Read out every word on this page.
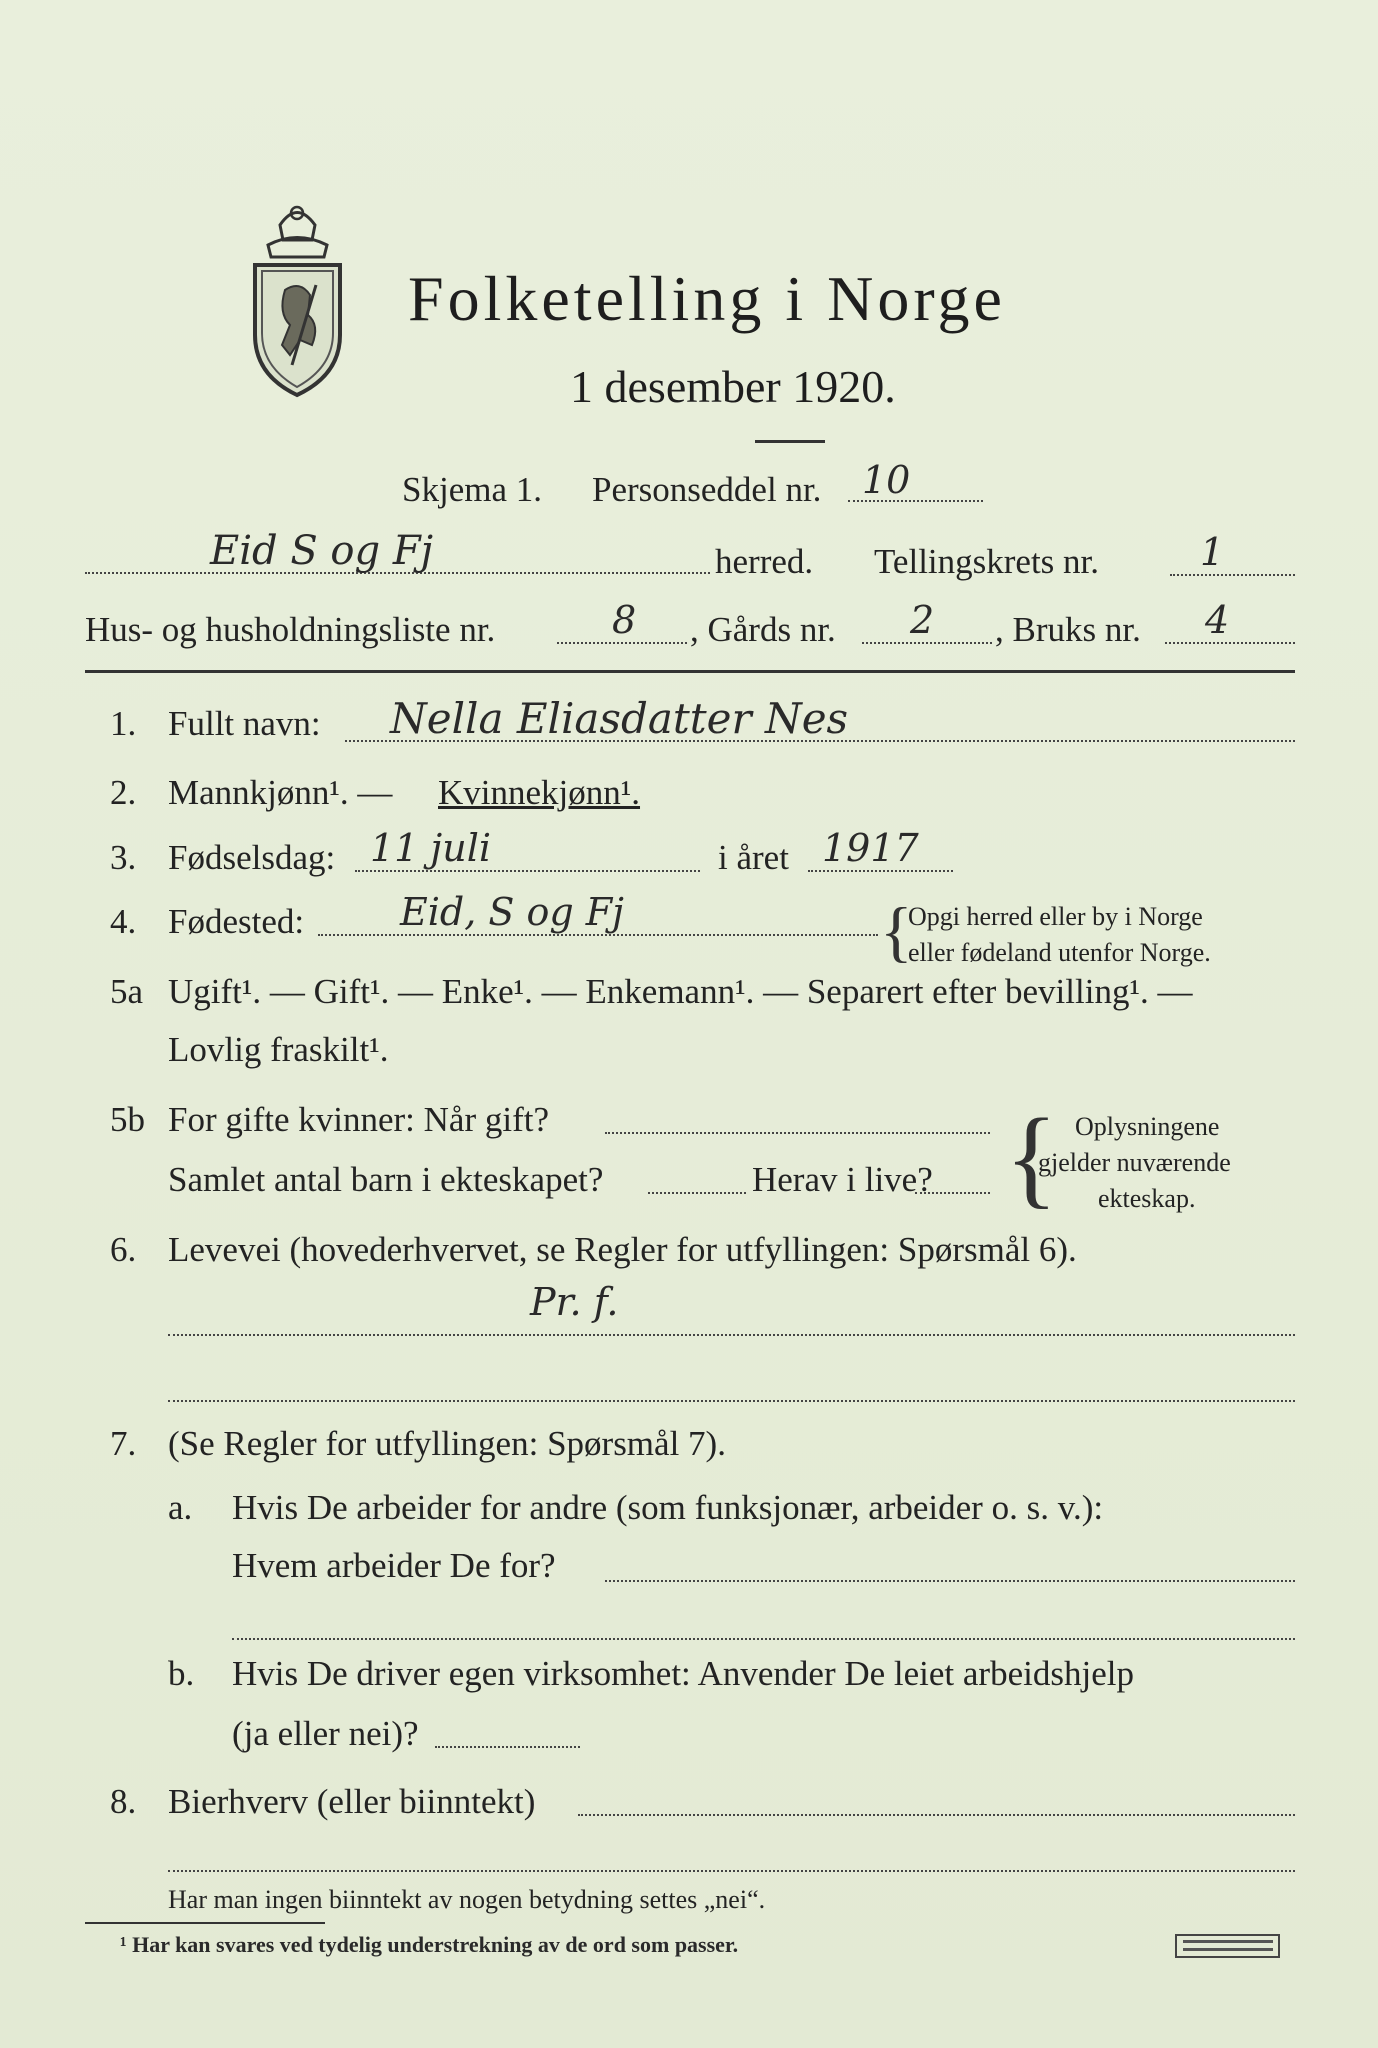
Folketelling i Norge
1 desember 1920.
Skjema 1. Personseddel nr. 10
Eid S og Fj	herred. Tellingskrets nr.	1
Hus- og husholdningsliste nr.	8 , Gårds nr. 2 , Bruks nr. 4
1. Fullt navn: Nella Eliasdatter Nes
2. Mannkjønn¹. — Kvinnekjønn¹.
3. Fødselsdag: 11 juli	i året 1917
4. Fødested:	Eid, S og Fj	{
Opgi herred eller by i Norge
eller fødeland utenfor Norge.
5a Ugift¹. — Gift¹. — Enke¹. — Enkemann¹. — Separert efter bevilling¹. —
Lovlig fraskilt¹.
5b For gifte kvinner: Når gift?
Samlet antal barn i ekteskapet?	Herav i live? { Oplysningene
gjelder nuværende
ekteskap.
6. Levevei (hovederhvervet, se Regler for utfyllingen: Spørsmål 6).
Pr. f.
7. (Se Regler for utfyllingen: Spørsmål 7).
a. Hvis De arbeider for andre (som funksjonær, arbeider o. s. v.):
Hvem arbeider De for?
b. Hvis De driver egen virksomhet: Anvender De leiet arbeidshjelp
(ja eller nei)?
8. Bierhverv (eller biinntekt)
Har man ingen biinntekt av nogen betydning settes „nei“.
¹ Har kan svares ved tydelig understrekning av de ord som passer.
